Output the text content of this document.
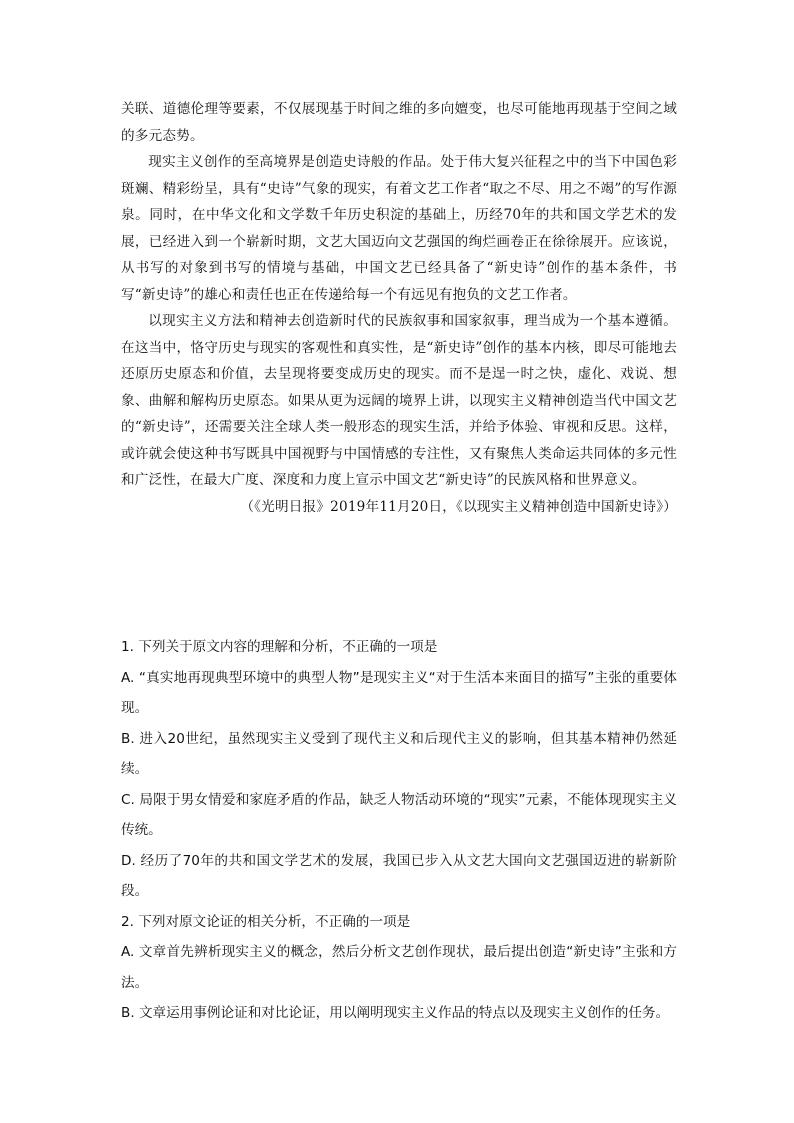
关联、道德伦理等要素，不仅展现基于时间之维的多向嬗变，也尽可能地再现基于空间之域的多元态势。

现实主义创作的至高境界是创造史诗般的作品。处于伟大复兴征程之中的当下中国色彩斑斓、精彩纷呈，具有“史诗”气象的现实，有着文艺工作者“取之不尽、用之不竭”的写作源泉。同时，在中华文化和文学数千年历史积淀的基础上，历经70年的共和国文学艺术的发展，已经进入到一个崭新时期，文艺大国迈向文艺强国的绚烂画卷正在徐徐展开。应该说，从书写的对象到书写的情境与基础，中国文艺已经具备了“新史诗”创作的基本条件，书写“新史诗”的雄心和责任也正在传递给每一个有远见有抱负的文艺工作者。

以现实主义方法和精神去创造新时代的民族叙事和国家叙事，理当成为一个基本遵循。在这当中，恪守历史与现实的客观性和真实性，是“新史诗”创作的基本内核，即尽可能地去还原历史原态和价值，去呈现将要变成历史的现实。而不是逞一时之快，虚化、戏说、想象、曲解和解构历史原态。如果从更为远阔的境界上讲，以现实主义精神创造当代中国文艺的“新史诗”，还需要关注全球人类一般形态的现实生活，并给予体验、审视和反思。这样，或许就会使这种书写既具中国视野与中国情感的专注性，又有聚焦人类命运共同体的多元性和广泛性，在最大广度、深度和力度上宣示中国文艺“新史诗”的民族风格和世界意义。

（《光明日报》2019年11月20日，《以现实主义精神创造中国新史诗》）

1. 下列关于原文内容的理解和分析，不正确的一项是

A. “真实地再现典型环境中的典型人物”是现实主义“对于生活本来面目的描写”主张的重要体现。

B. 进入20世纪，虽然现实主义受到了现代主义和后现代主义的影响，但其基本精神仍然延续。

C. 局限于男女情爱和家庭矛盾的作品，缺乏人物活动环境的“现实”元素，不能体现现实主义传统。

D. 经历了70年的共和国文学艺术的发展，我国已步入从文艺大国向文艺强国迈进的崭新阶段。

2. 下列对原文论证的相关分析，不正确的一项是

A. 文章首先辨析现实主义的概念，然后分析文艺创作现状，最后提出创造“新史诗”主张和方法。

B. 文章运用事例论证和对比论证，用以阐明现实主义作品的特点以及现实主义创作的任务。
